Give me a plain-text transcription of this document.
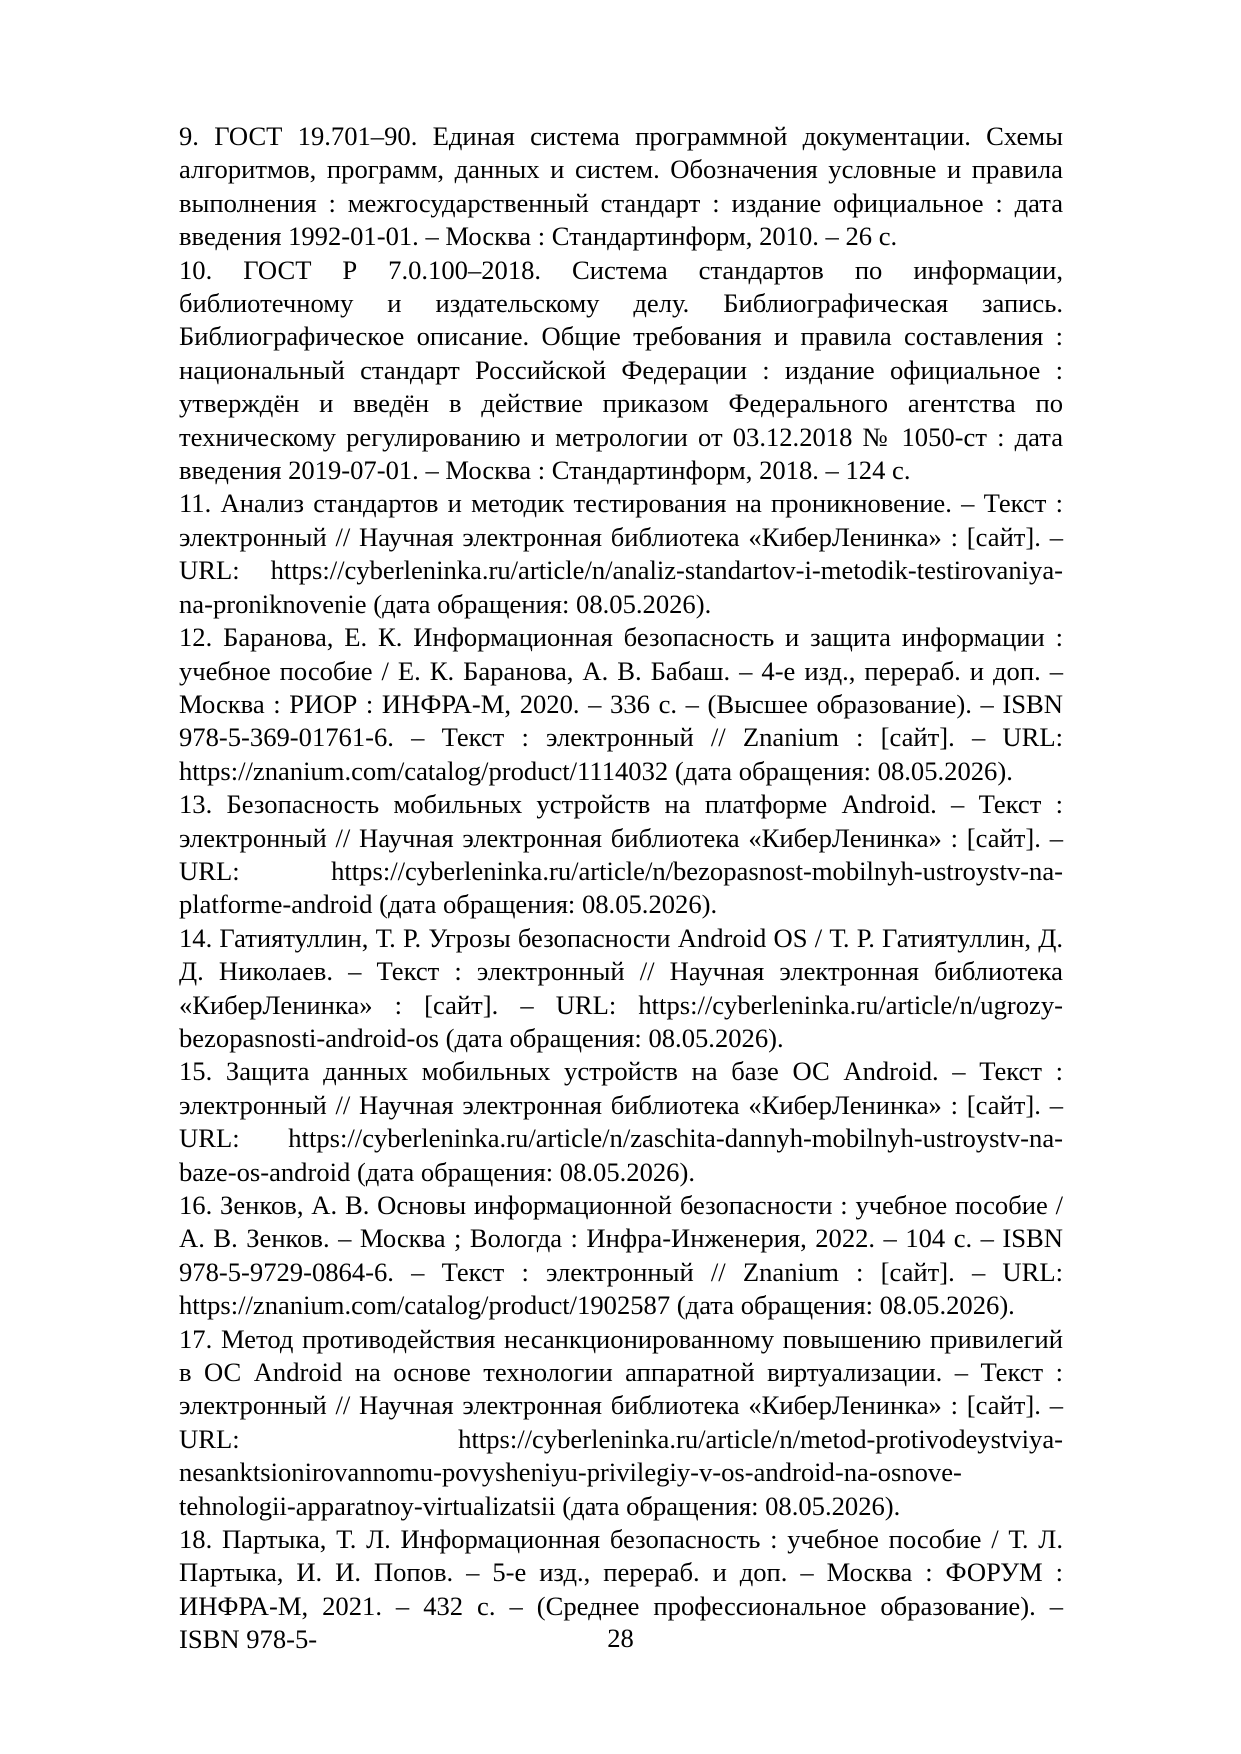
9. ГОСТ 19.701–90. Единая система программной документации. Схемы алгоритмов, программ, данных и систем. Обозначения условные и правила выполнения : межгосударственный стандарт : издание официальное : дата введения 1992-01-01. – Москва : Стандартинформ, 2010. – 26 с.

10. ГОСТ Р 7.0.100–2018. Система стандартов по информации, библиотечному и издательскому делу. Библиографическая запись. Библиографическое описание. Общие требования и правила составления : национальный стандарт Российской Федерации : издание официальное : утверждён и введён в действие приказом Федерального агентства по техническому регулированию и метрологии от 03.12.2018 № 1050-ст : дата введения 2019-07-01. – Москва : Стандартинформ, 2018. – 124 с.

11. Анализ стандартов и методик тестирования на проникновение. – Текст : электронный // Научная электронная библиотека «КиберЛенинка» : [сайт]. – URL: https://cyberleninka.ru/article/n/analiz-standartov-i-metodik-testirovaniya-na-proniknovenie (дата обращения: 08.05.2026).

12. Баранова, Е. К. Информационная безопасность и защита информации : учебное пособие / Е. К. Баранова, А. В. Бабаш. – 4-е изд., перераб. и доп. – Москва : РИОР : ИНФРА-М, 2020. – 336 с. – (Высшее образование). – ISBN 978-5-369-01761-6. – Текст : электронный // Znanium : [сайт]. – URL: https://znanium.com/catalog/product/1114032 (дата обращения: 08.05.2026).

13. Безопасность мобильных устройств на платформе Android. – Текст : электронный // Научная электронная библиотека «КиберЛенинка» : [сайт]. – URL: https://cyberleninka.ru/article/n/bezopasnost-mobilnyh-ustroystv-na-platforme-android (дата обращения: 08.05.2026).

14. Гатиятуллин, Т. Р. Угрозы безопасности Android OS / Т. Р. Гатиятуллин, Д. Д. Николаев. – Текст : электронный // Научная электронная библиотека «КиберЛенинка» : [сайт]. – URL: https://cyberleninka.ru/article/n/ugrozy-bezopasnosti-android-os (дата обращения: 08.05.2026).

15. Защита данных мобильных устройств на базе ОС Android. – Текст : электронный // Научная электронная библиотека «КиберЛенинка» : [сайт]. – URL: https://cyberleninka.ru/article/n/zaschita-dannyh-mobilnyh-ustroystv-na-baze-os-android (дата обращения: 08.05.2026).

16. Зенков, А. В. Основы информационной безопасности : учебное пособие / А. В. Зенков. – Москва ; Вологда : Инфра-Инженерия, 2022. – 104 с. – ISBN 978-5-9729-0864-6. – Текст : электронный // Znanium : [сайт]. – URL: https://znanium.com/catalog/product/1902587 (дата обращения: 08.05.2026).

17. Метод противодействия несанкционированному повышению привилегий в ОС Android на основе технологии аппаратной виртуализации. – Текст : электронный // Научная электронная библиотека «КиберЛенинка» : [сайт]. – URL: https://cyberleninka.ru/article/n/metod-protivodeystviya-nesanktsionirovannomu-povysheniyu-privilegiy-v-os-android-na-osnove-tehnologii-apparatnoy-virtualizatsii (дата обращения: 08.05.2026).

18. Партыка, Т. Л. Информационная безопасность : учебное пособие / Т. Л. Партыка, И. И. Попов. – 5-е изд., перераб. и доп. – Москва : ФОРУМ : ИНФРА-М, 2021. – 432 с. – (Среднее профессиональное образование). – ISBN 978-5-	28
